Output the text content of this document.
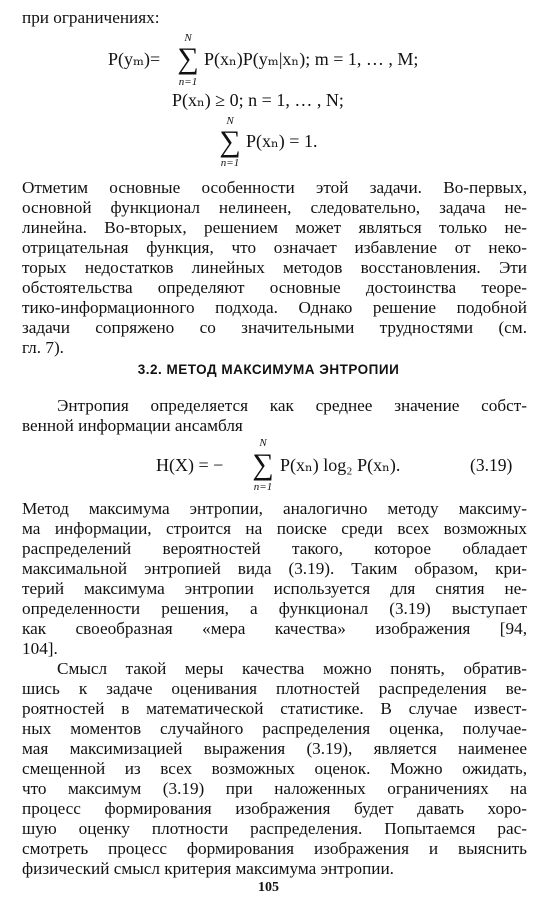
при ограничениях:
P(yₘ)=
N
∑
n=1
P(xₙ)P(yₘ|xₙ); m = 1, … , M;
P(xₙ) ≥ 0; n = 1, … , N;
N
∑
n=1
P(xₙ) = 1.
Отметим основные особенности этой задачи. Во-первых,
основной функционал нелинеен, следовательно, задача не-
линейна. Во-вторых, решением может являться только не-
отрицательная функция, что означает избавление от неко-
торых недостатков линейных методов восстановления. Эти
обстоятельства определяют основные достоинства теоре-
тико-информационного подхода. Однако решение подобной
задачи сопряжено со значительными трудностями (см.
гл. 7).
3.2. МЕТОД МАКСИМУМА ЭНТРОПИИ
Энтропия определяется как среднее значение собст-
венной информации ансамбля
H(X) = −
N
∑
n=1
P(xₙ) log₂ P(xₙ).	(3.19)
Метод максимума энтропии, аналогично методу максиму-
ма информации, строится на поиске среди всех возможных
распределений вероятностей такого, которое обладает
максимальной энтропией вида (3.19). Таким образом, кри-
терий максимума энтропии используется для снятия не-
определенности решения, а функционал (3.19) выступает
как своеобразная «мера качества» изображения [94,
104].
Смысл такой меры качества можно понять, обратив-
шись к задаче оценивания плотностей распределения ве-
роятностей в математической статистике. В случае извест-
ных моментов случайного распределения оценка, получае-
мая максимизацией выражения (3.19), является наименее
смещенной из всех возможных оценок. Можно ожидать,
что максимум (3.19) при наложенных ограничениях на
процесс формирования изображения будет давать хоро-
шую оценку плотности распределения. Попытаемся рас-
смотреть процесс формирования изображения и выяснить
физический смысл критерия максимума энтропии.
105
